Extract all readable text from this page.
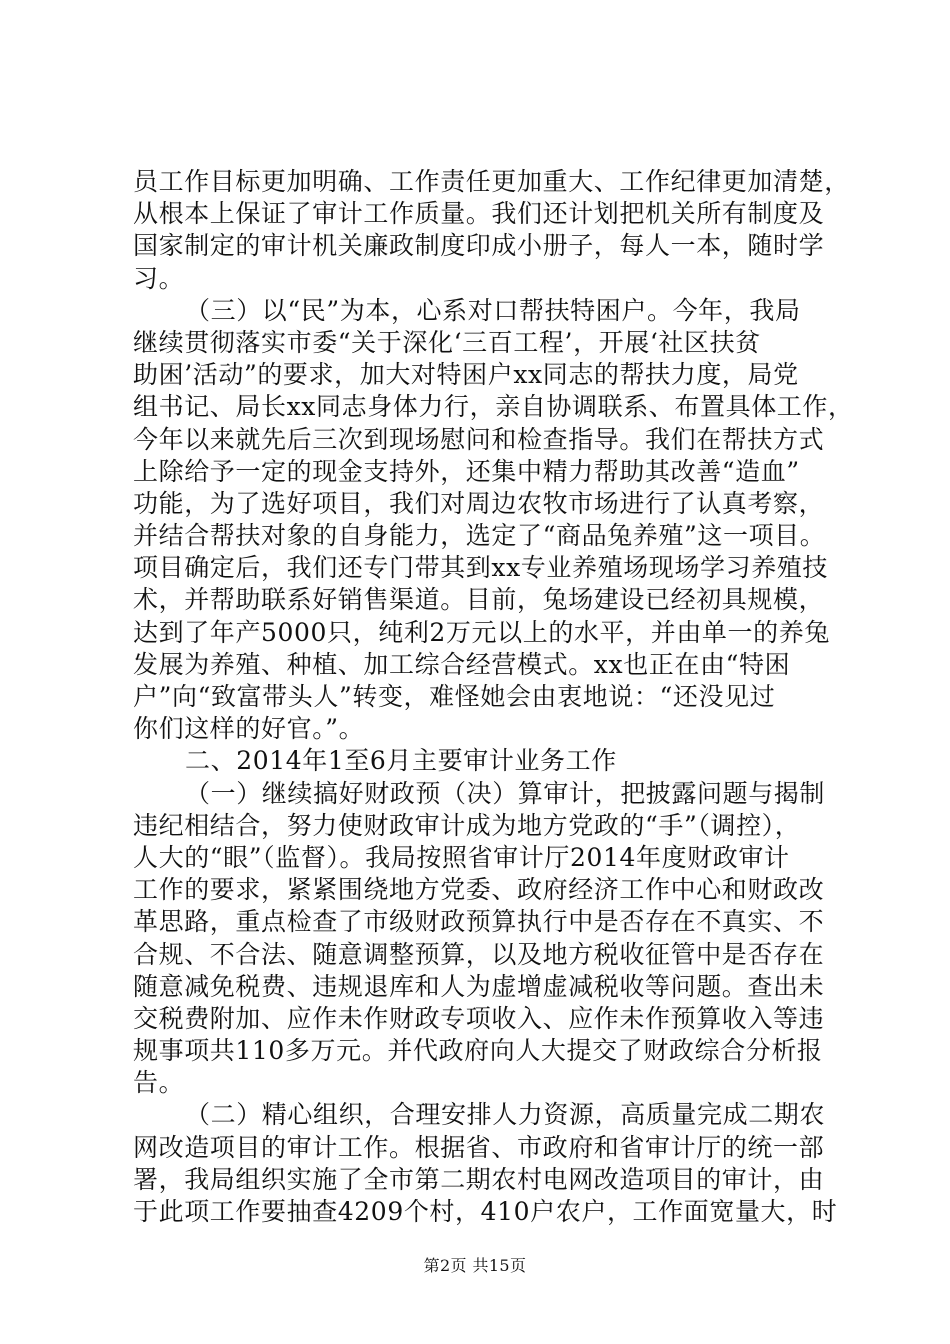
员工作目标更加明确、工作责任更加重大、工作纪律更加清楚，
从根本上保证了审计工作质量。我们还计划把机关所有制度及
国家制定的审计机关廉政制度印成小册子，每人一本，随时学
习。
（三）以“民”为本，心系对口帮扶特困户。今年，我局
继续贯彻落实市委“关于深化‘三百工程’，开展‘社区扶贫
助困’活动”的要求，加大对特困户xx同志的帮扶力度，局党
组书记、局长xx同志身体力行，亲自协调联系、布置具体工作，
今年以来就先后三次到现场慰问和检查指导。我们在帮扶方式
上除给予一定的现金支持外，还集中精力帮助其改善“造血”
功能，为了选好项目，我们对周边农牧市场进行了认真考察，
并结合帮扶对象的自身能力，选定了“商品兔养殖”这一项目。
项目确定后，我们还专门带其到xx专业养殖场现场学习养殖技
术，并帮助联系好销售渠道。目前，兔场建设已经初具规模，
达到了年产5000只，纯利2万元以上的水平，并由单一的养兔
发展为养殖、种植、加工综合经营模式。xx也正在由“特困
户”向“致富带头人”转变，难怪她会由衷地说：“还没见过
你们这样的好官。”。
二、2014年1至6月主要审计业务工作
（一）继续搞好财政预（决）算审计，把披露问题与揭制
违纪相结合，努力使财政审计成为地方党政的“手”（调控），
人大的“眼”（监督）。我局按照省审计厅2014年度财政审计
工作的要求，紧紧围绕地方党委、政府经济工作中心和财政改
革思路，重点检查了市级财政预算执行中是否存在不真实、不
合规、不合法、随意调整预算，以及地方税收征管中是否存在
随意减免税费、违规退库和人为虚增虚减税收等问题。查出未
交税费附加、应作未作财政专项收入、应作未作预算收入等违
规事项共110多万元。并代政府向人大提交了财政综合分析报
告。
（二）精心组织，合理安排人力资源，高质量完成二期农
网改造项目的审计工作。根据省、市政府和省审计厅的统一部
署，我局组织实施了全市第二期农村电网改造项目的审计，由
于此项工作要抽查4209个村，410户农户，工作面宽量大，时
第2页 共15页
